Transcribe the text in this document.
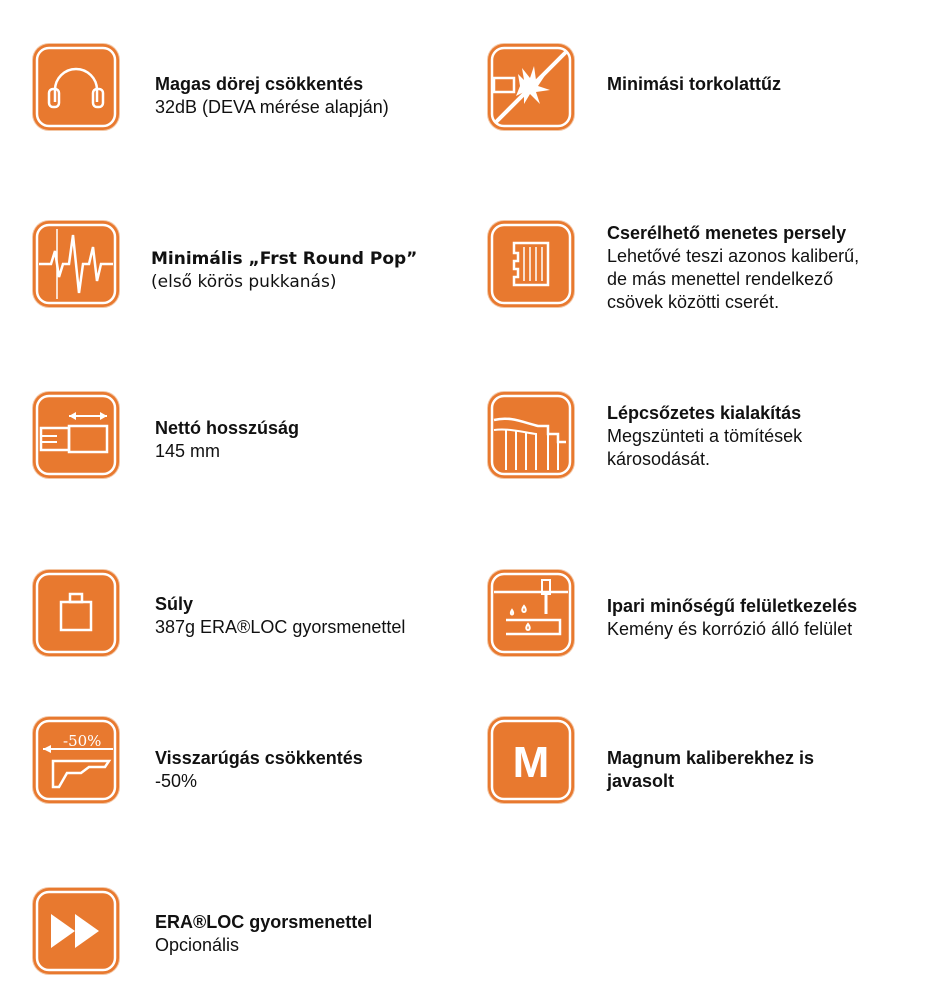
Magas dörej csökkentés
32dB (DEVA mérése alapján)
Minimási torkolattűz
Minimális „Frst Round Pop”
(első körös pukkanás)
Cserélhető menetes persely
Lehetővé teszi azonos kaliberű,
de más menettel rendelkező
csövek közötti cserét.
Nettó hosszúság
145 mm
Lépcsőzetes kialakítás
Megszünteti a tömítések
károsodását.
Súly
387g ERA®LOC gyorsmenettel
Ipari minőségű felületkezelés
Kemény és korrózió álló felület
-50%
Visszarúgás csökkentés
-50%	M	Magnum kaliberekhez is
javasolt
ERA®LOC gyorsmenettel
Opcionális
